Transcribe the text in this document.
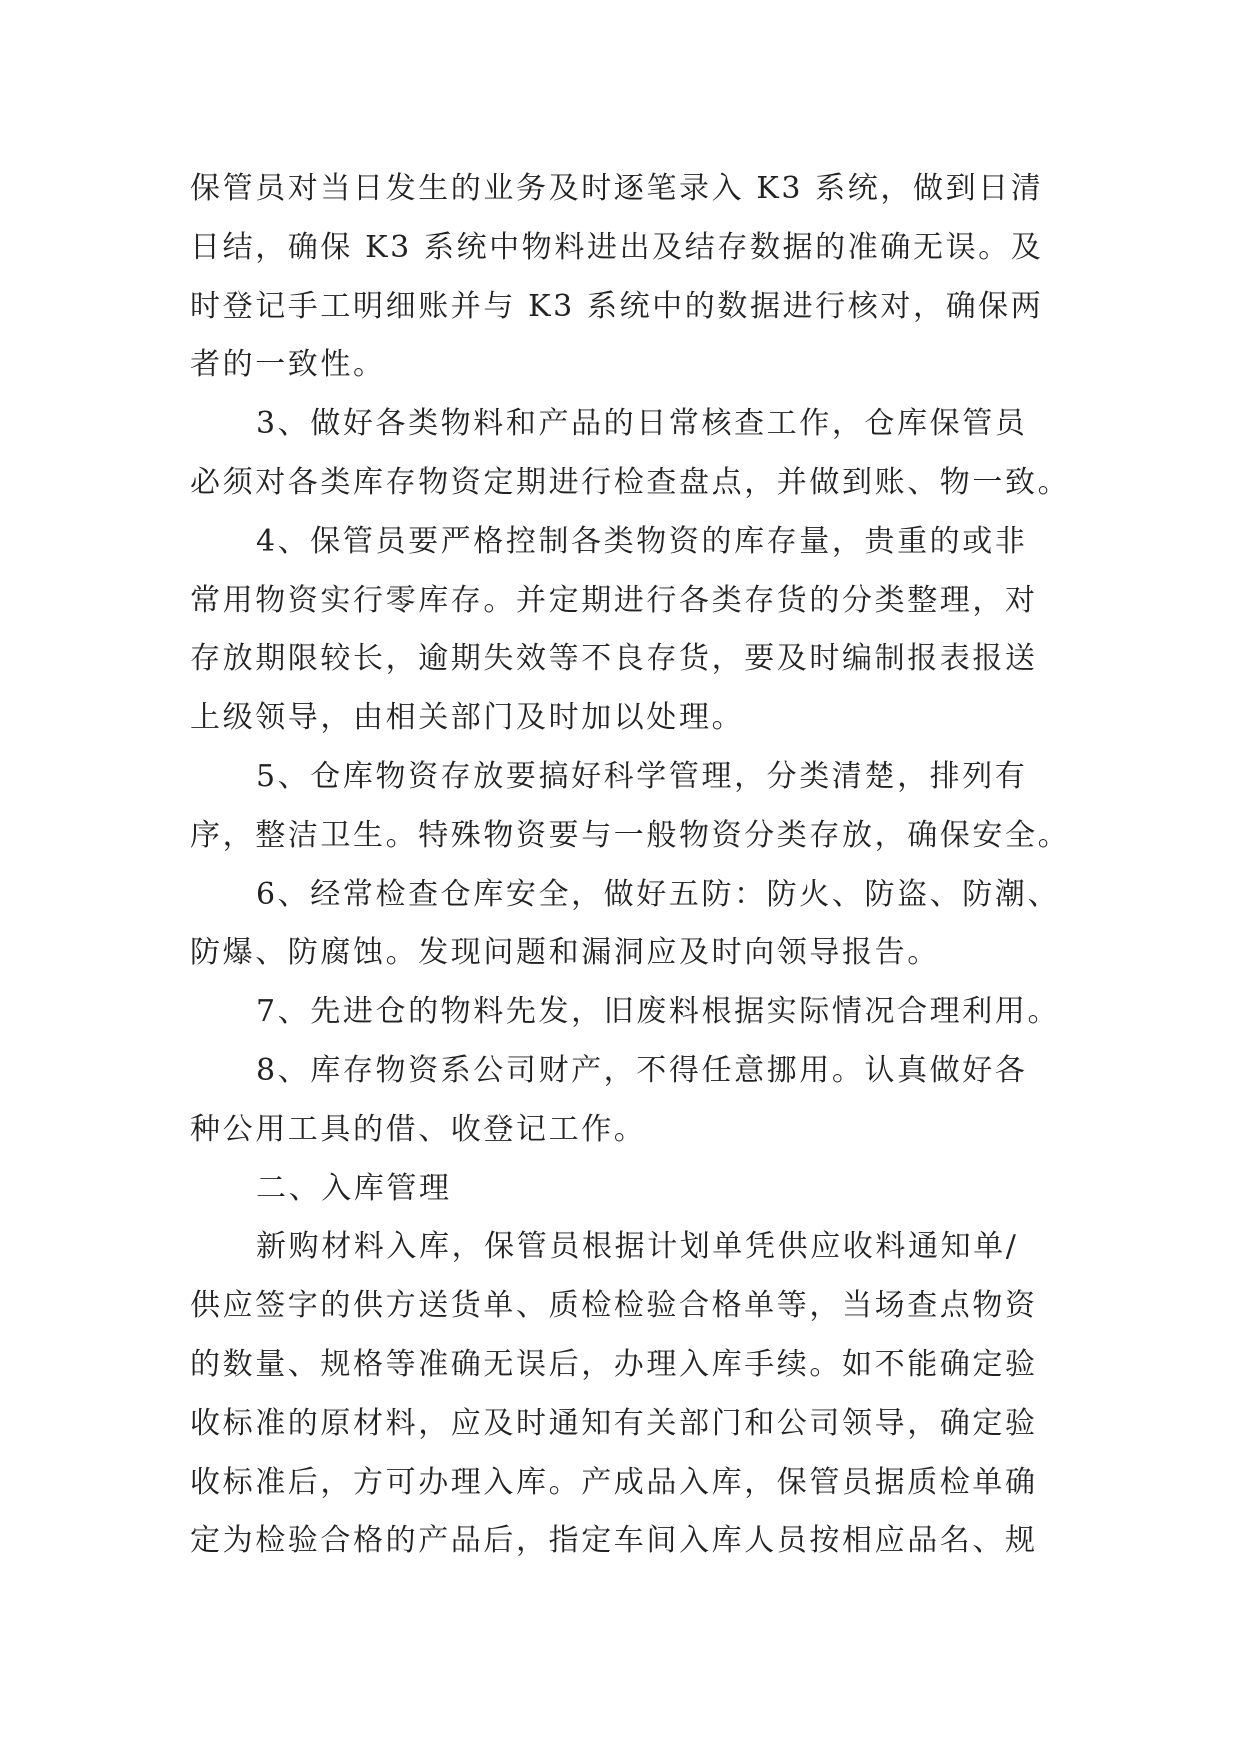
保管员对当日发生的业务及时逐笔录入 K3 系统，做到日清
日结，确保 K3 系统中物料进出及结存数据的准确无误。及
时登记手工明细账并与 K3 系统中的数据进行核对，确保两
者的一致性。
3、做好各类物料和产品的日常核查工作，仓库保管员
必须对各类库存物资定期进行检查盘点，并做到账、物一致。
4、保管员要严格控制各类物资的库存量，贵重的或非
常用物资实行零库存。并定期进行各类存货的分类整理，对
存放期限较长，逾期失效等不良存货，要及时编制报表报送
上级领导，由相关部门及时加以处理。
5、仓库物资存放要搞好科学管理，分类清楚，排列有
序，整洁卫生。特殊物资要与一般物资分类存放，确保安全。
6、经常检查仓库安全，做好五防：防火、防盗、防潮、
防爆、防腐蚀。发现问题和漏洞应及时向领导报告。
7、先进仓的物料先发，旧废料根据实际情况合理利用。
8、库存物资系公司财产，不得任意挪用。认真做好各
种公用工具的借、收登记工作。
二、入库管理
新购材料入库，保管员根据计划单凭供应收料通知单/
供应签字的供方送货单、质检检验合格单等，当场查点物资
的数量、规格等准确无误后，办理入库手续。如不能确定验
收标准的原材料，应及时通知有关部门和公司领导，确定验
收标准后，方可办理入库。产成品入库，保管员据质检单确
定为检验合格的产品后，指定车间入库人员按相应品名、规
